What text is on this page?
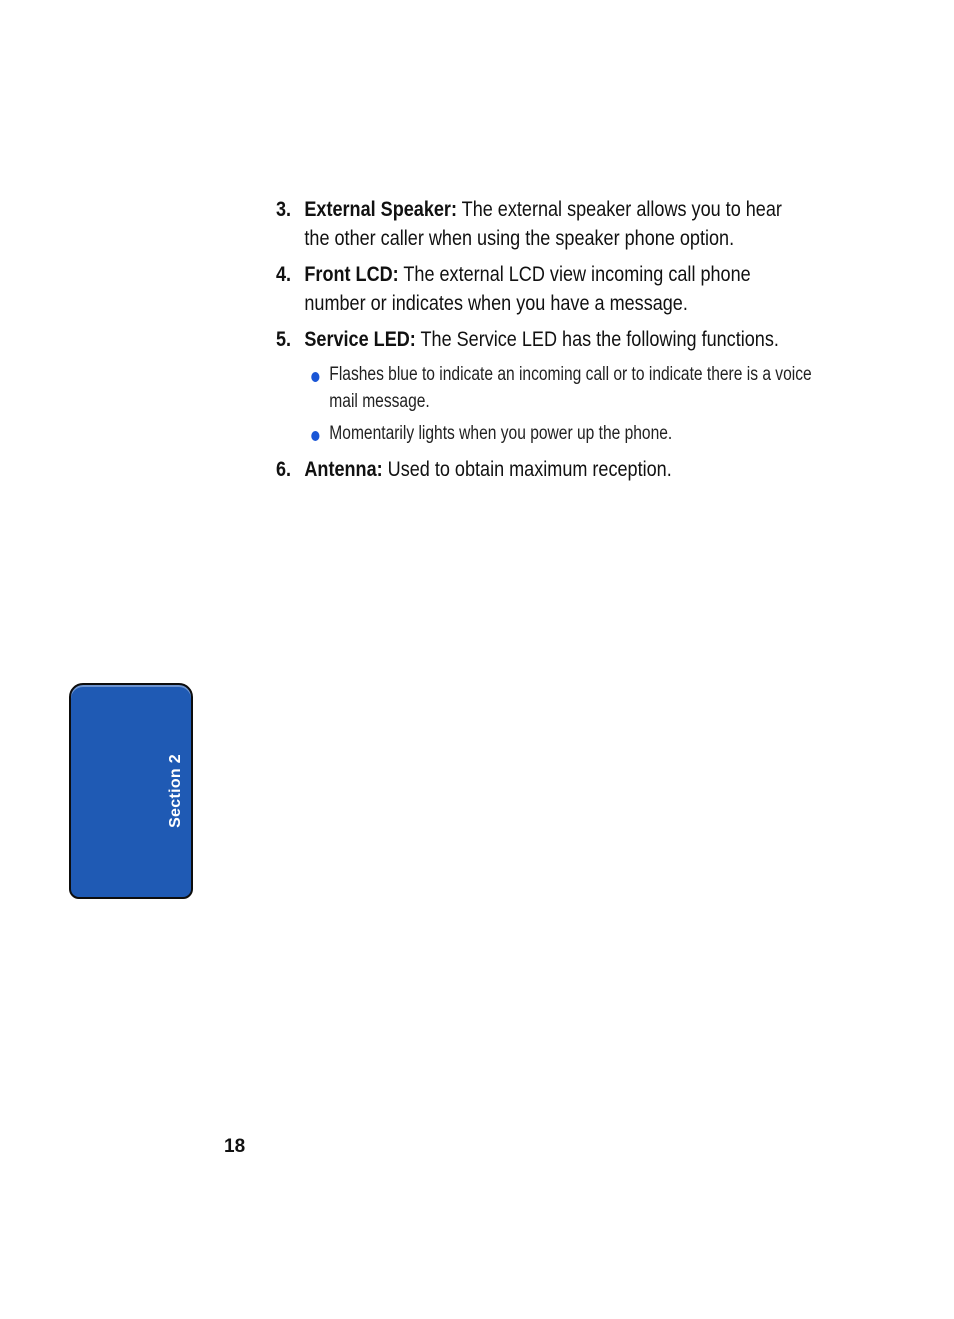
3. External Speaker: The external speaker allows you to hear the other caller when using the speaker phone option.
4. Front LCD: The external LCD view incoming call phone number or indicates when you have a message.
5. Service LED: The Service LED has the following functions.
Flashes blue to indicate an incoming call or to indicate there is a voice mail message.
Momentarily lights when you power up the phone.
6. Antenna: Used to obtain maximum reception.
Section 2
18
